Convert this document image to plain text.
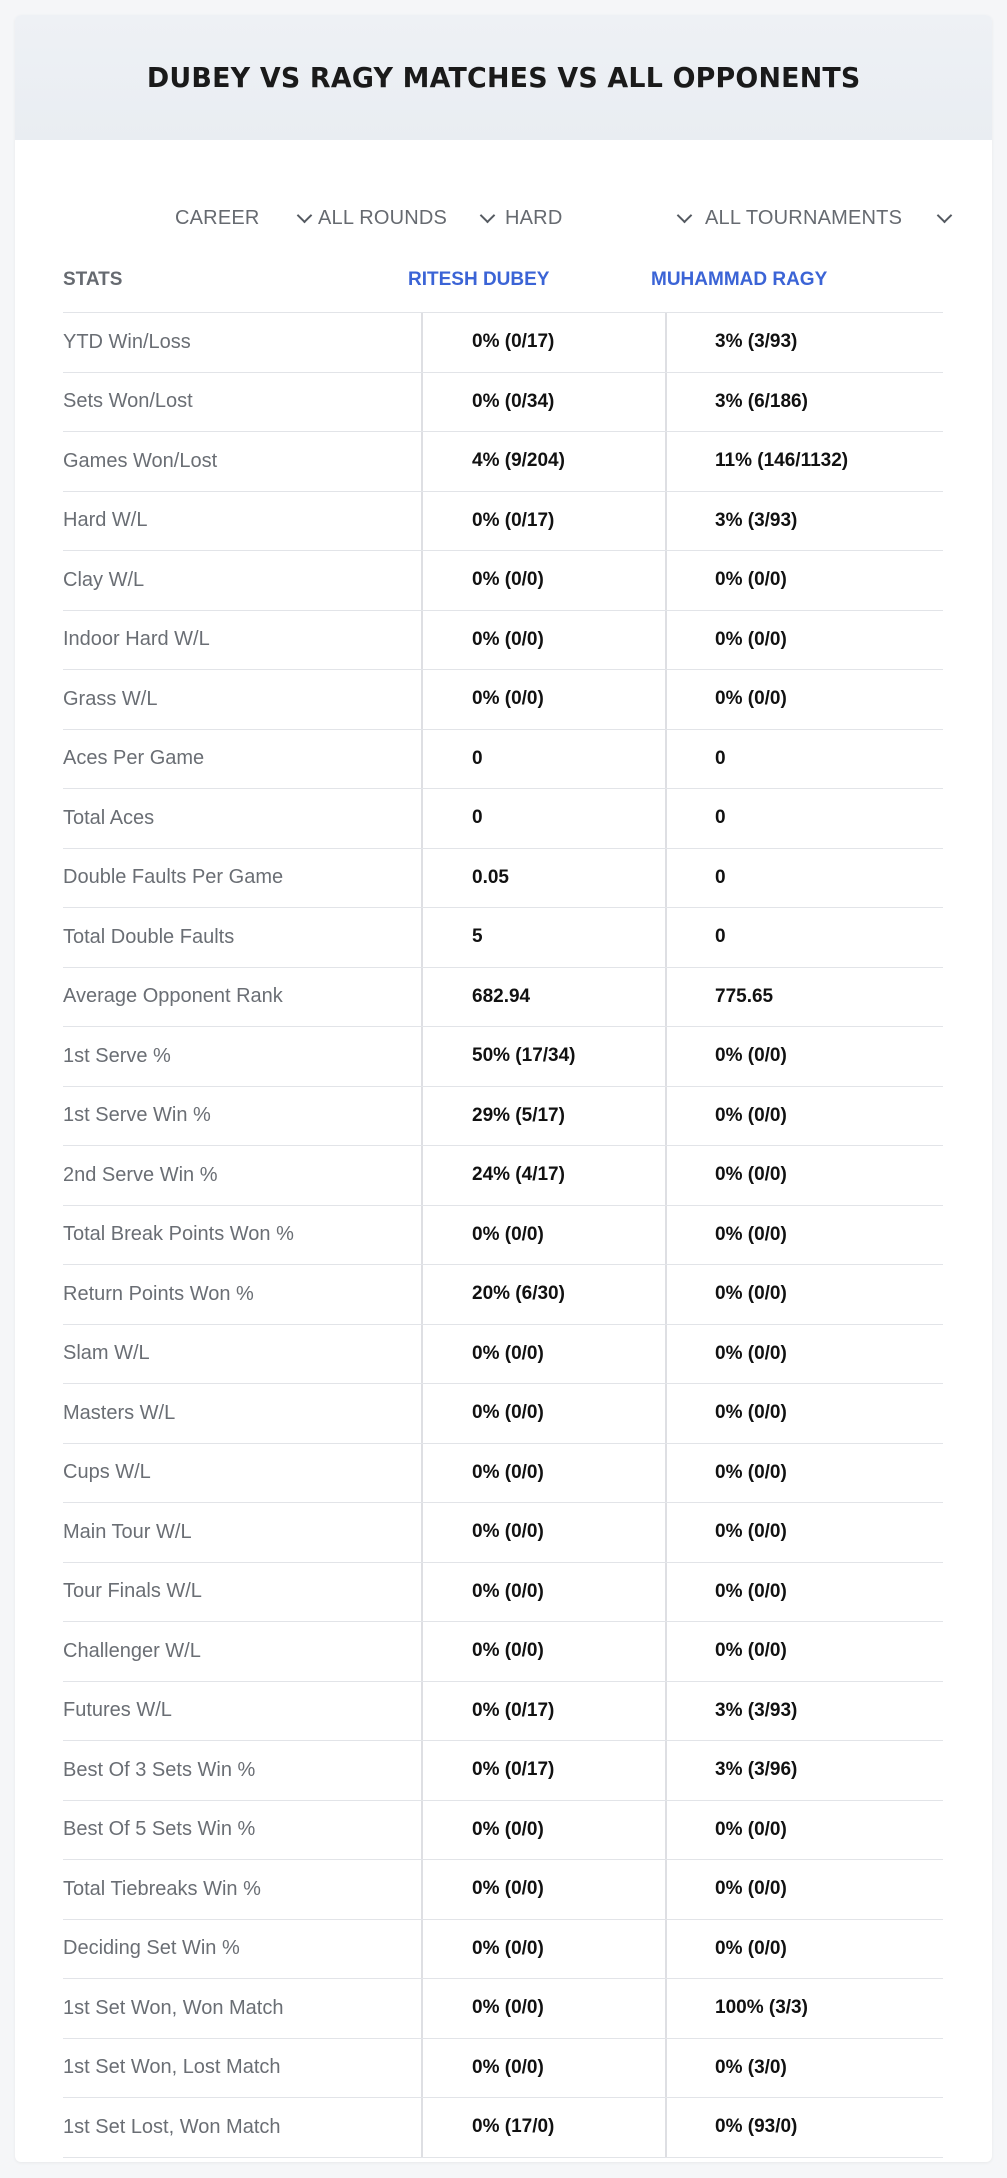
DUBEY VS RAGY MATCHES VS ALL OPPONENTS
CAREER	ALL ROUNDS	HARD	ALL TOURNAMENTS
STATS	RITESH DUBEY	MUHAMMAD RAGY
YTD Win/Loss	0% (0/17)	3% (3/93)
Sets Won/Lost	0% (0/34)	3% (6/186)
Games Won/Lost	4% (9/204)	11% (146/1132)
Hard W/L	0% (0/17)	3% (3/93)
Clay W/L	0% (0/0)	0% (0/0)
Indoor Hard W/L	0% (0/0)	0% (0/0)
Grass W/L	0% (0/0)	0% (0/0)
Aces Per Game	0	0
Total Aces	0	0
Double Faults Per Game	0.05	0
Total Double Faults	5	0
Average Opponent Rank	682.94	775.65
1st Serve %	50% (17/34)	0% (0/0)
1st Serve Win %	29% (5/17)	0% (0/0)
2nd Serve Win %	24% (4/17)	0% (0/0)
Total Break Points Won %	0% (0/0)	0% (0/0)
Return Points Won %	20% (6/30)	0% (0/0)
Slam W/L	0% (0/0)	0% (0/0)
Masters W/L	0% (0/0)	0% (0/0)
Cups W/L	0% (0/0)	0% (0/0)
Main Tour W/L	0% (0/0)	0% (0/0)
Tour Finals W/L	0% (0/0)	0% (0/0)
Challenger W/L	0% (0/0)	0% (0/0)
Futures W/L	0% (0/17)	3% (3/93)
Best Of 3 Sets Win %	0% (0/17)	3% (3/96)
Best Of 5 Sets Win %	0% (0/0)	0% (0/0)
Total Tiebreaks Win %	0% (0/0)	0% (0/0)
Deciding Set Win %	0% (0/0)	0% (0/0)
1st Set Won, Won Match	0% (0/0)	100% (3/3)
1st Set Won, Lost Match	0% (0/0)	0% (3/0)
1st Set Lost, Won Match	0% (17/0)	0% (93/0)
